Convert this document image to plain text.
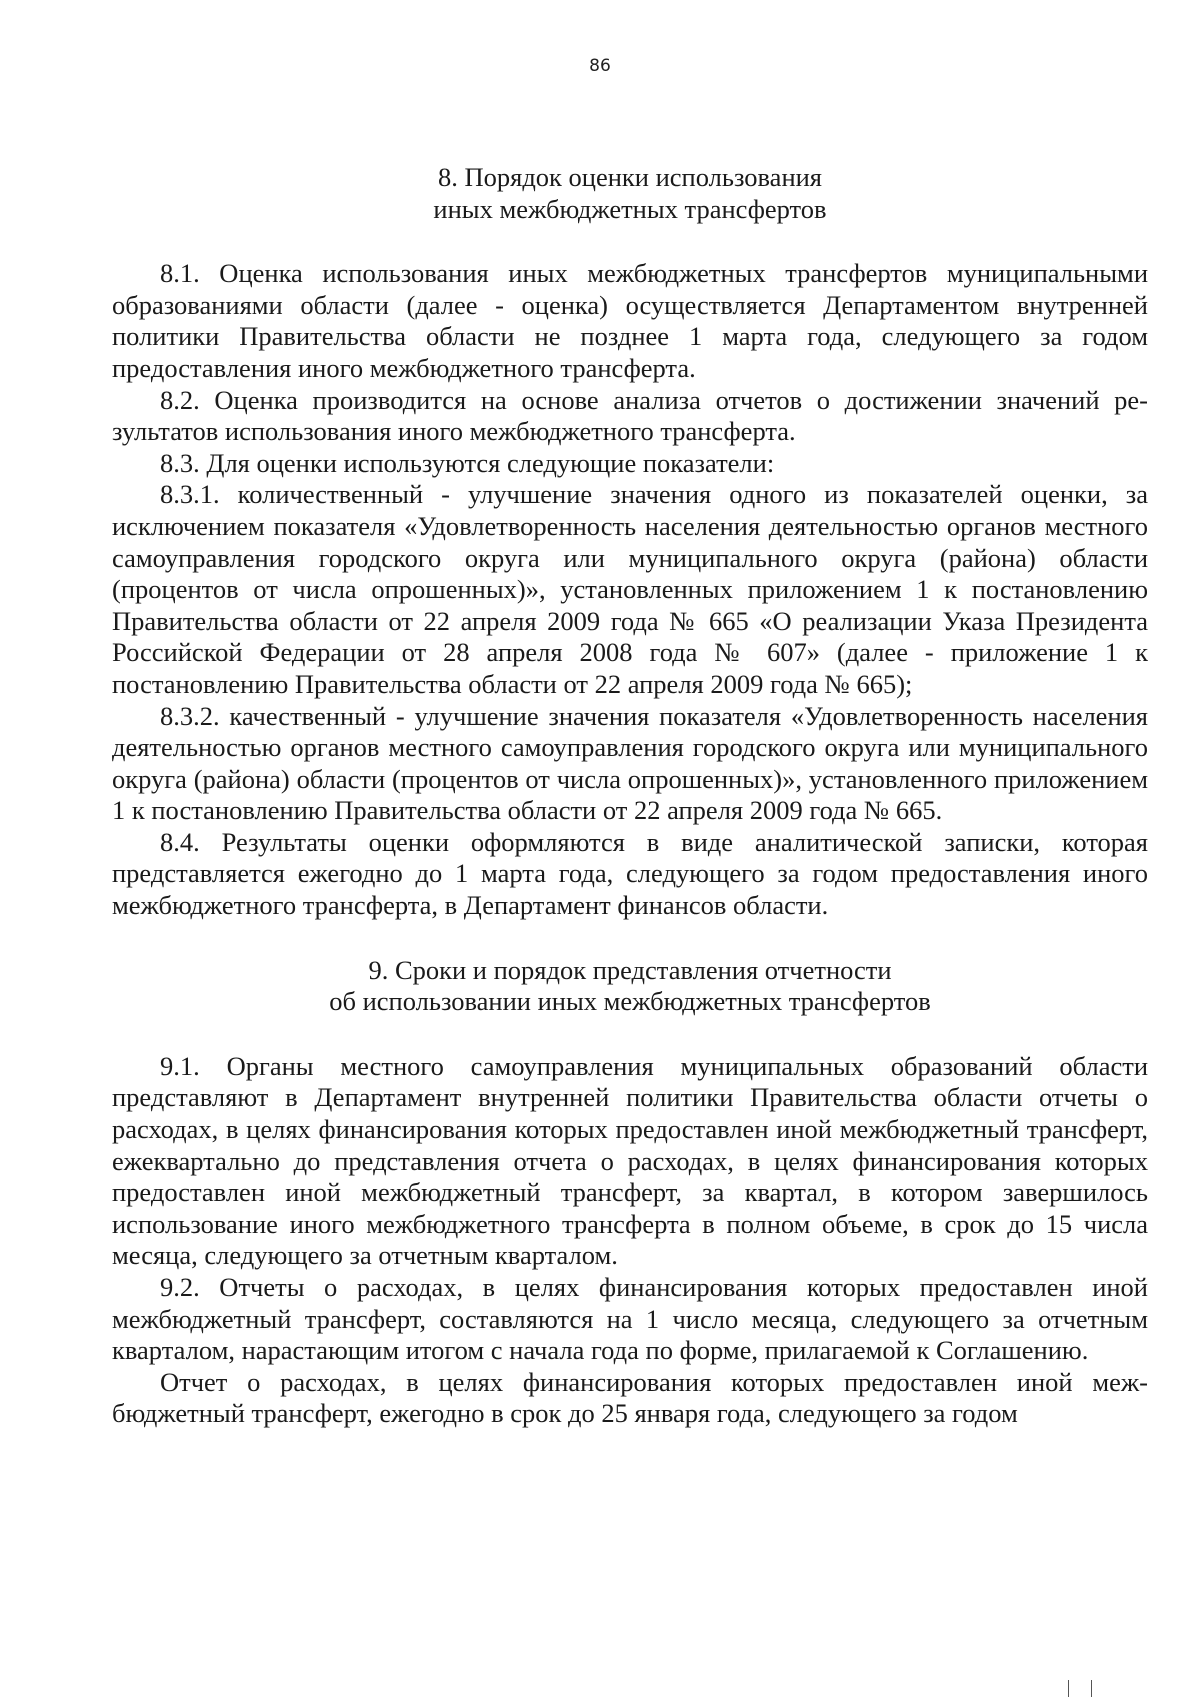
86
8. Порядок оценки использования
иных межбюджетных трансфертов

8.1. Оценка использования иных межбюджетных трансфертов муниципальными образованиями области (далее - оценка) осуществляется Департаментом внутренней политики Правительства области не позднее 1 марта года, следующего за годом предоставления иного межбюджетного трансферта.

8.2. Оценка производится на основе анализа отчетов о достижении значений результатов использования иного межбюджетного трансферта.

8.3. Для оценки используются следующие показатели:

8.3.1. количественный - улучшение значения одного из показателей оценки, за исключением показателя «Удовлетворенность населения деятельностью органов местного самоуправления городского округа или муниципального округа (района) области (процентов от числа опрошенных)», установленных приложением 1 к постановлению Правительства области от 22 апреля 2009 года № 665 «О реализации Указа Президента Российской Федерации от 28 апреля 2008 года № 607» (далее - приложение 1 к постановлению Правительства области от 22 апреля 2009 года № 665);

8.3.2. качественный - улучшение значения показателя «Удовлетворенность населения деятельностью органов местного самоуправления городского округа или муниципального округа (района) области (процентов от числа опрошенных)», установленного приложением 1 к постановлению Правительства области от 22 апреля 2009 года № 665.

8.4. Результаты оценки оформляются в виде аналитической записки, которая представляется ежегодно до 1 марта года, следующего за годом предоставления иного межбюджетного трансферта, в Департамент финансов области.

9. Сроки и порядок представления отчетности
об использовании иных межбюджетных трансфертов

9.1. Органы местного самоуправления муниципальных образований области представляют в Департамент внутренней политики Правительства области отчеты о расходах, в целях финансирования которых предоставлен иной межбюджетный трансферт, ежеквартально до представления отчета о расходах, в целях финансирования которых предоставлен иной межбюджетный трансферт, за квартал, в котором завершилось использование иного межбюджетного трансферта в полном объеме, в срок до 15 числа месяца, следующего за отчетным кварталом.

9.2. Отчеты о расходах, в целях финансирования которых предоставлен иной межбюджетный трансферт, составляются на 1 число месяца, следующего за отчетным кварталом, нарастающим итогом с начала года по форме, прилагаемой к Соглашению.

Отчет о расходах, в целях финансирования которых предоставлен иной межбюджетный трансферт, ежегодно в срок до 25 января года, следующего за годом
